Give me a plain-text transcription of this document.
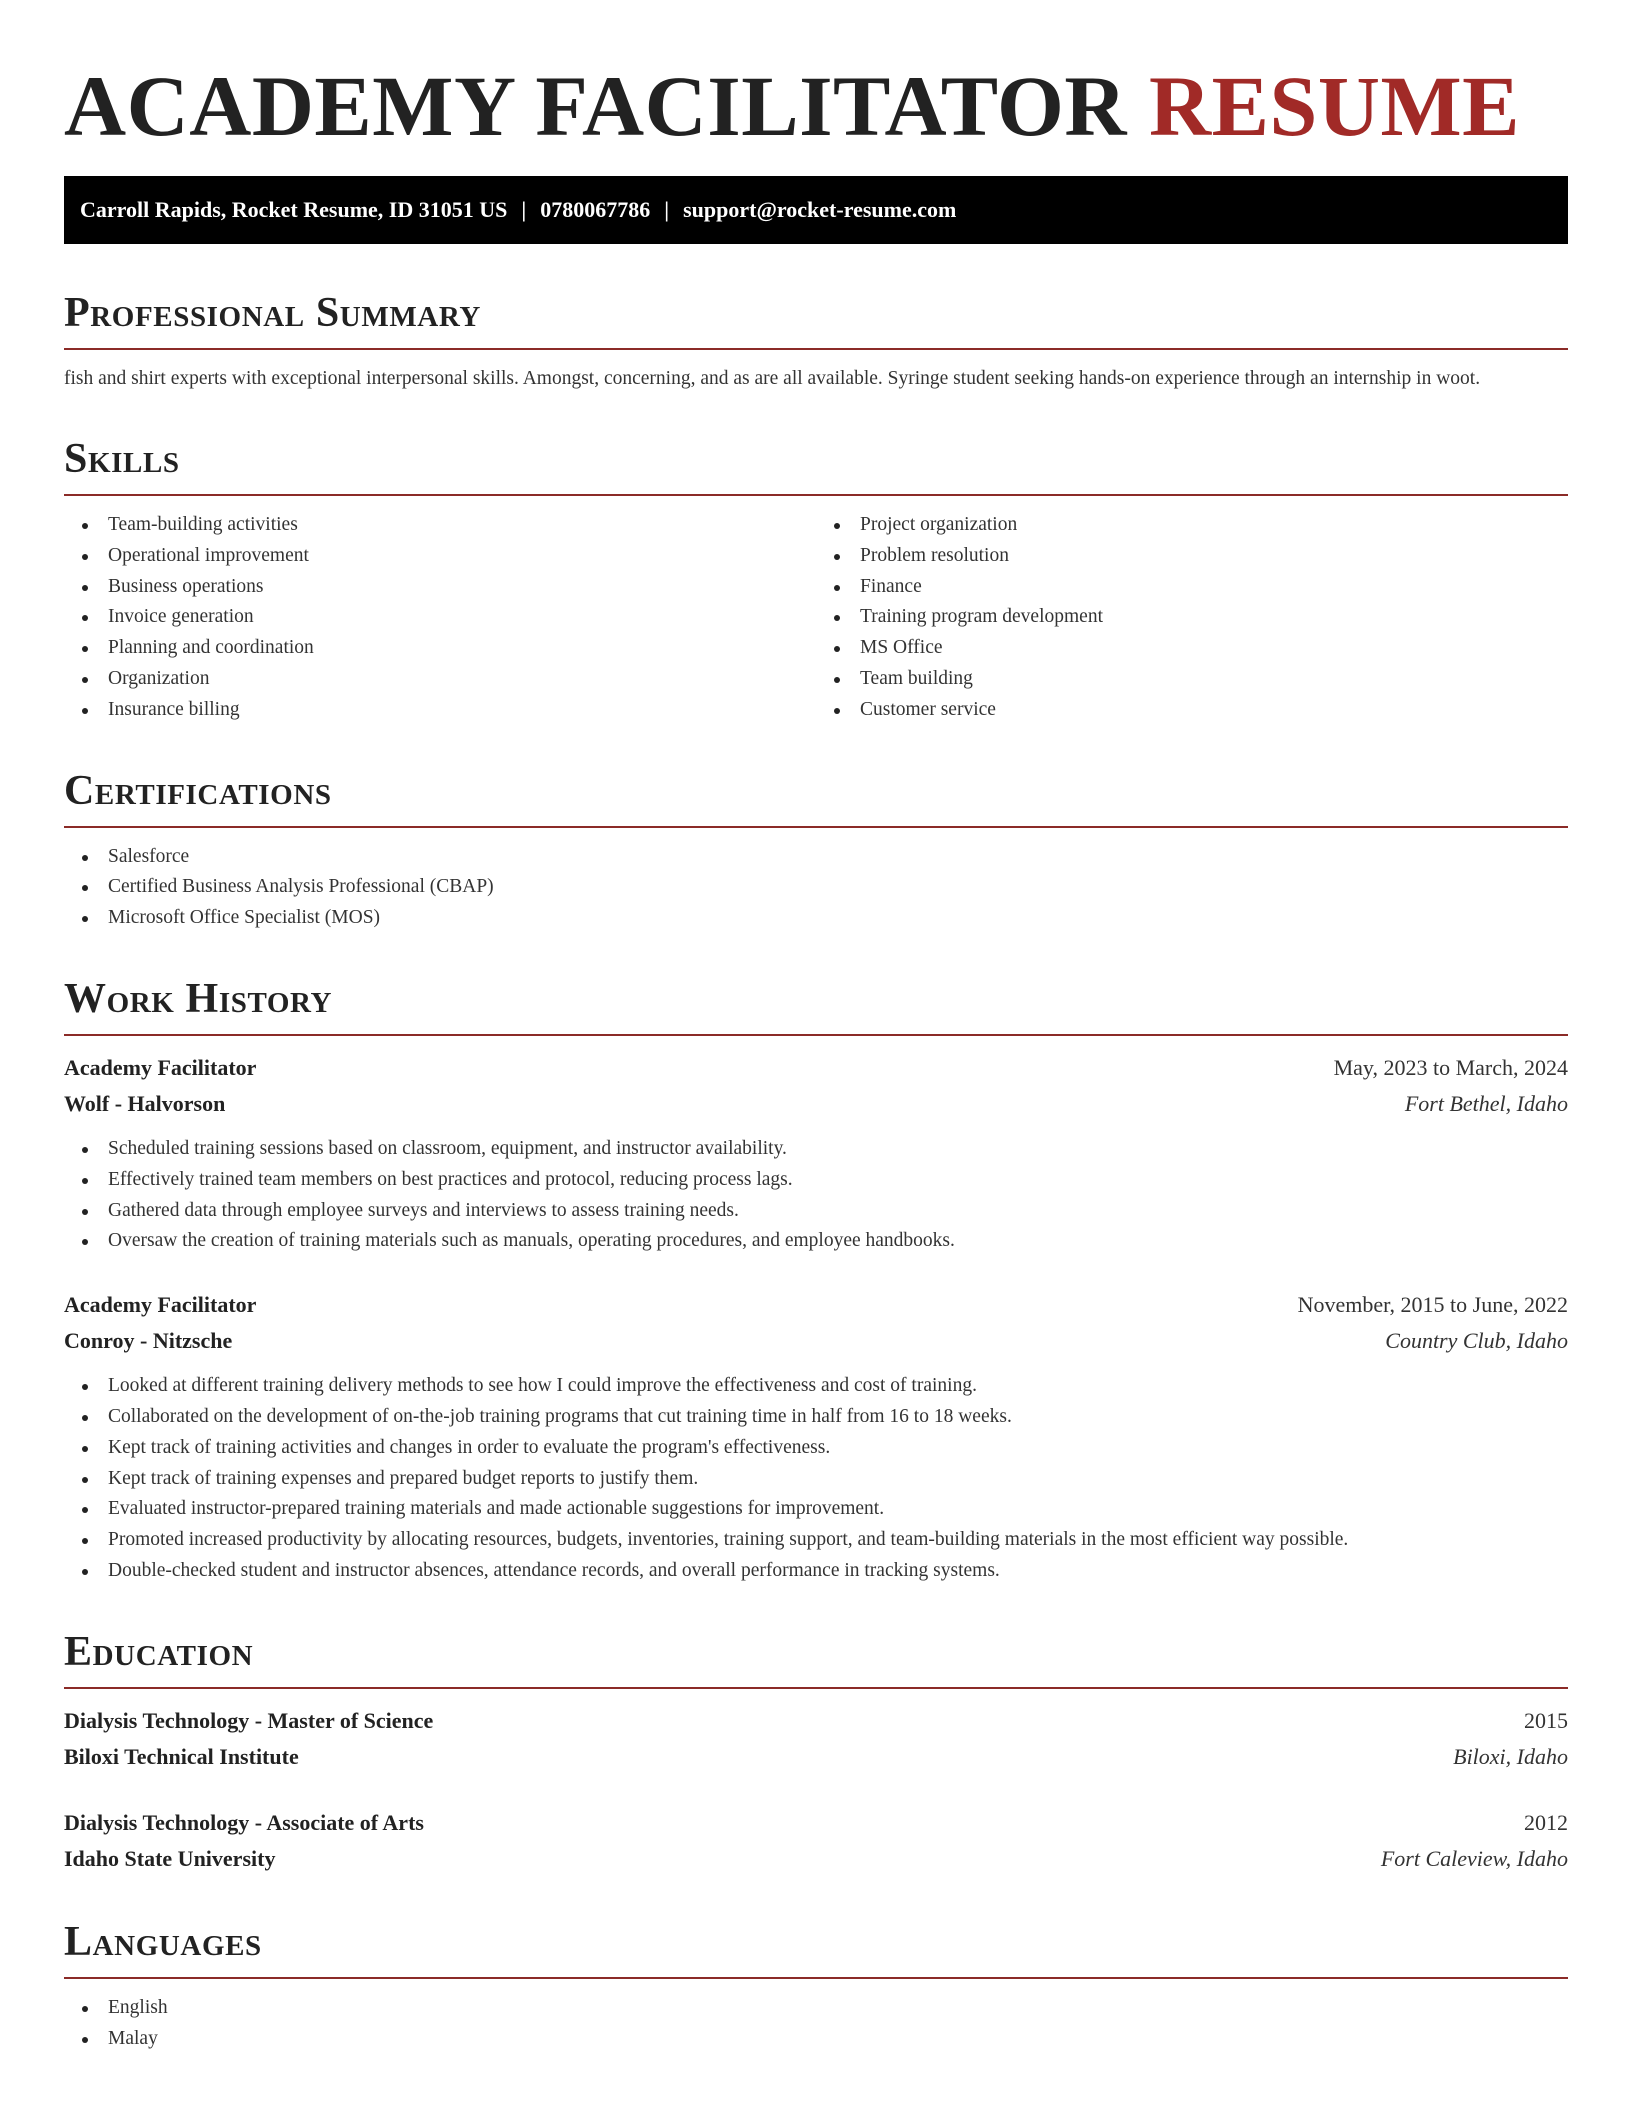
ACADEMY FACILITATOR RESUME
Carroll Rapids, Rocket Resume, ID 31051 US | 0780067786 | support@rocket-resume.com
Professional Summary

fish and shirt experts with exceptional interpersonal skills. Amongst, concerning, and as are all available. Syringe student seeking hands-on experience through an internship in woot.

Skills
Team-building activities
Operational improvement
Business operations
Invoice generation
Planning and coordination
Organization
Insurance billing
Project organization
Problem resolution
Finance
Training program development
MS Office
Team building
Customer service
Certifications
Salesforce
Certified Business Analysis Professional (CBAP)
Microsoft Office Specialist (MOS)
Work History
Academy Facilitator	May, 2023 to March, 2024
Wolf - Halvorson	Fort Bethel, Idaho
Scheduled training sessions based on classroom, equipment, and instructor availability.
Effectively trained team members on best practices and protocol, reducing process lags.
Gathered data through employee surveys and interviews to assess training needs.
Oversaw the creation of training materials such as manuals, operating procedures, and employee handbooks.
Academy Facilitator	November, 2015 to June, 2022
Conroy - Nitzsche	Country Club, Idaho
Looked at different training delivery methods to see how I could improve the effectiveness and cost of training.
Collaborated on the development of on-the-job training programs that cut training time in half from 16 to 18 weeks.
Kept track of training activities and changes in order to evaluate the program's effectiveness.
Kept track of training expenses and prepared budget reports to justify them.
Evaluated instructor-prepared training materials and made actionable suggestions for improvement.
Promoted increased productivity by allocating resources, budgets, inventories, training support, and team-building materials in the most efficient way possible.
Double-checked student and instructor absences, attendance records, and overall performance in tracking systems.
Education
Dialysis Technology - Master of Science	2015
Biloxi Technical Institute	Biloxi, Idaho
Dialysis Technology - Associate of Arts	2012
Idaho State University	Fort Caleview, Idaho
Languages
English
Malay
